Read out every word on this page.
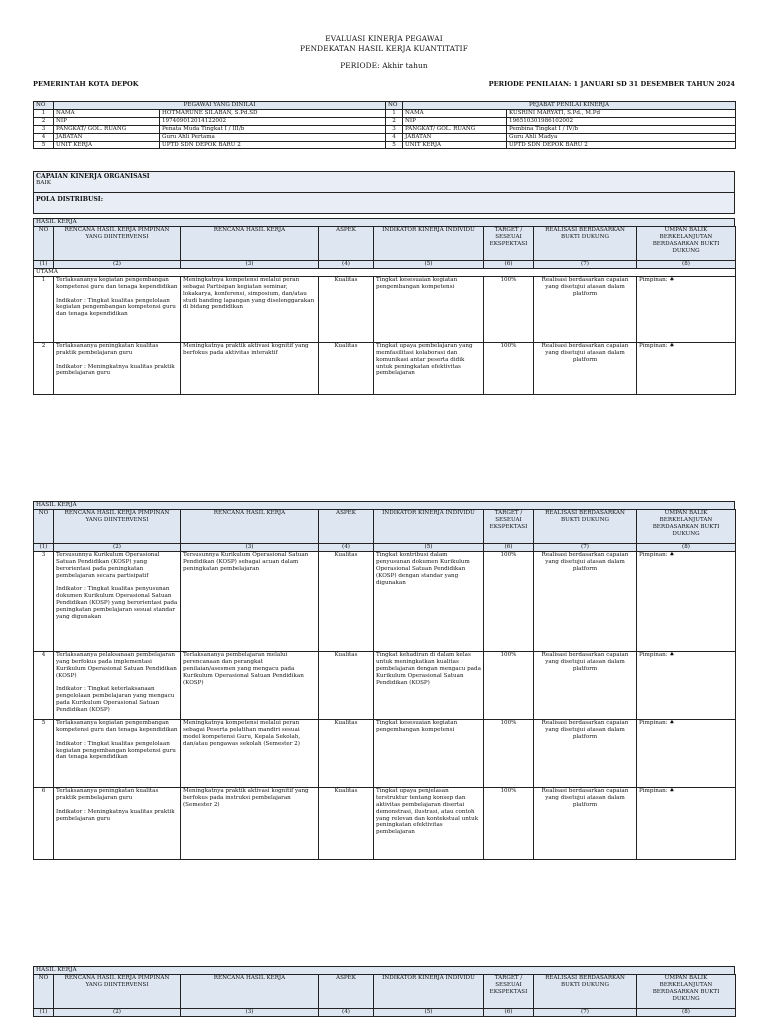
EVALUASI KINERJA PEGAWAI
PENDEKATAN HASIL KERJA KUANTITATIF
PERIODE: Akhir tahun
PEMERINTAH KOTA DEPOK	PERIODE PENILAIAN: 1 JANUARI SD 31 DESEMBER TAHUN 2024
NO	PEGAWAI YANG DINILAI		NO	PEJABAT PENILAI KINERJA	
1	NAMA	HOTMARUNE SILABAN, S.Pd.SD	1	NAMA	KUSRINI MARYATI, S.Pd., M.Pd
2	NIP	197409012014122002	2	NIP	196510301986102002
3	PANGKAT/ GOL. RUANG	Penata Muda Tingkat I / III/b	3	PANGKAT/ GOL. RUANG	Pembina Tingkat I / IV/b
4	JABATAN	Guru Ahli Pertama	4	JABATAN	Guru Ahli Madya
5	UNIT KERJA	UPTD SDN DEPOK BARU 2	5	UNIT KERJA	UPTD SDN DEPOK BARU 2
CAPAIAN KINERJA ORGANISASI
BAIK
POLA DISTRIBUSI:
HASIL KERJA
NO	RENCANA HASIL KERJA PIMPINAN YANG DIINTERVENSI	RENCANA HASIL KERJA	ASPEK	INDIKATOR KINERJA INDIVIDU	TARGET / SESEUAI EKSPEKTASI	REALISASI BERDASARKAN BUKTI DUKUNG	UMPAN BALIK BERKELANJUTAN BERDASARKAN BUKTI DUKUNG
(1)	(2)	(3)	(4)	(5)	(6)	(7)	(8)
UTAMA							
1	Terlaksananya kegiatan pengembangan kompetensi guru dan tenaga kependidikan

Indikator : Tingkat kualitas pengelolaan kegiatan pengembangan kompetensi guru dan tenaga kependidikan	Meningkatnya kompetensi melalui peran sebagai Partisipan kegiatan seminar, lokakarya, konferensi, simposium, dan/atau studi banding lapangan yang diselenggarakan di bidang pendidikan	Kualitas	Tingkat kesesuaian kegiatan pengembangan kompetensi	100%	Realisasi berdasarkan capaian yang disetujui atasan dalam platform	Pimpinan: ♠
2	Terlaksananya peningkatan kualitas praktik pembelajaran guru

Indikator : Meningkatnya kualitas praktik pembelajaran guru	Meningkatnya praktik aktivasi kognitif yang berfokus pada aktivitas interaktif	Kualitas	Tingkat upaya pembelajaran yang memfasilitasi kolaborasi dan komunikasi antar peserta didik untuk peningkatan efektivitas pembelajaran	100%	Realisasi berdasarkan capaian yang disetujui atasan dalam platform	Pimpinan: ♠
HASIL KERJA
NO	RENCANA HASIL KERJA PIMPINAN YANG DIINTERVENSI	RENCANA HASIL KERJA	ASPEK	INDIKATOR KINERJA INDIVIDU	TARGET / SESEUAI EKSPEKTASI	REALISASI BERDASARKAN BUKTI DUKUNG	UMPAN BALIK BERKELANJUTAN BERDASARKAN BUKTI DUKUNG
(1)	(2)	(3)	(4)	(5)	(6)	(7)	(8)
3	Tersusunnya Kurikulum Operasional Satuan Pendidikan (KOSP) yang berorientasi pada peningkatan pembelajaran secara partisipatif

Indikator : Tingkat kualitas penyusunan dokumen Kurikulum Operasional Satuan Pendidikan (KOSP) yang berorientasi pada peningkatan pembelajaran sesuai standar yang digunakan	Tersusunnya Kurikulum Operasional Satuan Pendidikan (KOSP) sebagai acuan dalam peningkatan pembelajaran	Kualitas	Tingkat kontribusi dalam penyusunan dokumen Kurikulum Operasional Satuan Pendidikan (KOSP) dengan standar yang digunakan	100%	Realisasi berdasarkan capaian yang disetujui atasan dalam platform	Pimpinan: ♠
4	Terlaksananya pelaksanaan pembelajaran yang berfokus pada implementasi Kurikulum Operasional Satuan Pendidikan (KOSP)

Indikator : Tingkat keterlaksanaan pengelolaan pembelajaran yang mengacu pada Kurikulum Operasional Satuan Pendidikan (KOSP)	Terlaksananya pembelajaran melalui perencanaan dan perangkat penilaian/asesmen yang mengacu pada Kurikulum Operasional Satuan Pendidikan (KOSP)	Kualitas	Tingkat kehadiran di dalam kelas untuk meningkatkan kualitas pembelajaran dengan mengacu pada Kurikulum Operasional Satuan Pendidikan (KOSP)	100%	Realisasi berdasarkan capaian yang disetujui atasan dalam platform	Pimpinan: ♠
5	Terlaksananya kegiatan pengembangan kompetensi guru dan tenaga kependidikan

Indikator : Tingkat kualitas pengelolaan kegiatan pengembangan kompetensi guru dan tenaga kependidikan	Meningkatnya kompetensi melalui peran sebagai Peserta pelatihan mandiri sesuai model kompetensi Guru, Kepala Sekolah, dan/atau pengawas sekolah (Semester 2)	Kualitas	Tingkat kesesuaian kegiatan pengembangan kompetensi	100%	Realisasi berdasarkan capaian yang disetujui atasan dalam platform	Pimpinan: ♠
6	Terlaksananya peningkatan kualitas praktik pembelajaran guru

Indikator : Meningkatnya kualitas praktik pembelajaran guru	Meningkatnya praktik aktivasi kognitif yang berfokus pada instruksi pembelajaran (Semester 2)	Kualitas	Tingkat upaya penjelasan terstruktur tentang konsep dan aktivitas pembelajaran disertai demonstrasi, ilustrasi, atau contoh yang relevan dan kontekstual untuk peningkatan efektivitas pembelajaran	100%	Realisasi berdasarkan capaian yang disetujui atasan dalam platform	Pimpinan: ♠
HASIL KERJA
NO	RENCANA HASIL KERJA PIMPINAN YANG DIINTERVENSI	RENCANA HASIL KERJA	ASPEK	INDIKATOR KINERJA INDIVIDU	TARGET / SESEUAI EKSPEKTASI	REALISASI BERDASARKAN BUKTI DUKUNG	UMPAN BALIK BERKELANJUTAN BERDASARKAN BUKTI DUKUNG
(1)	(2)	(3)	(4)	(5)	(6)	(7)	(8)
